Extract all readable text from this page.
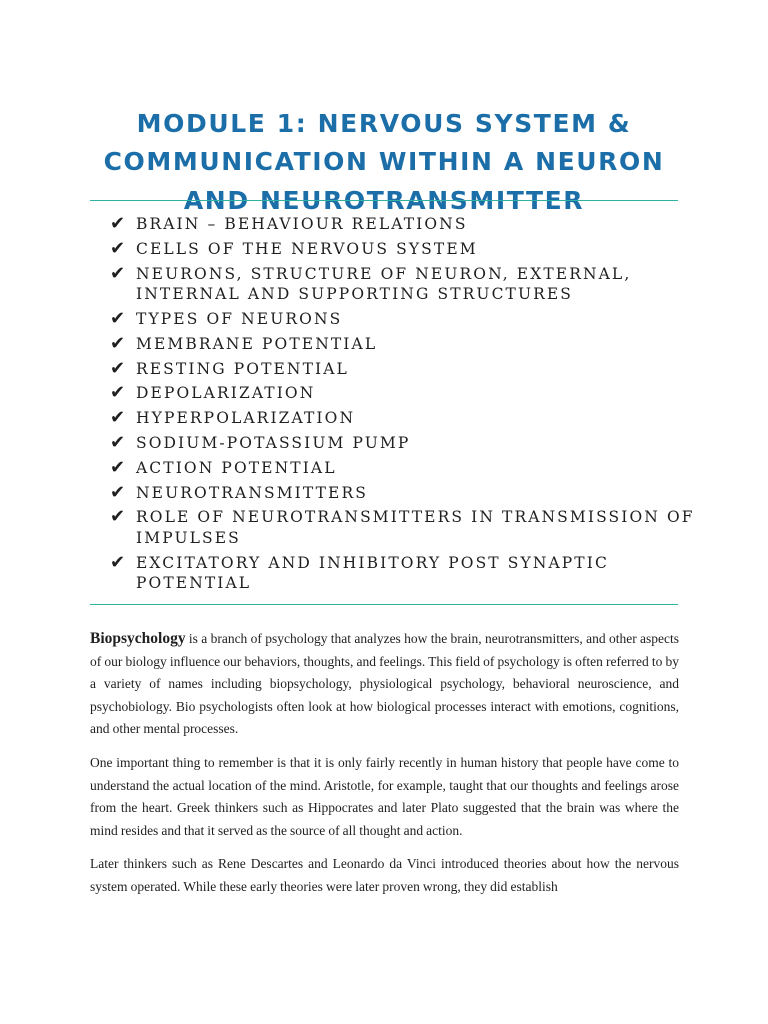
MODULE 1: NERVOUS SYSTEM &
COMMUNICATION WITHIN A NEURON
AND NEUROTRANSMITTER
✔ BRAIN – BEHAVIOUR RELATIONS
✔ CELLS OF THE NERVOUS SYSTEM
✔ NEURONS, STRUCTURE OF NEURON, EXTERNAL,
INTERNAL AND SUPPORTING STRUCTURES
✔ TYPES OF NEURONS
✔ MEMBRANE POTENTIAL
✔ RESTING POTENTIAL
✔ DEPOLARIZATION
✔ HYPERPOLARIZATION
✔ SODIUM-POTASSIUM PUMP
✔ ACTION POTENTIAL
✔ NEUROTRANSMITTERS
✔ ROLE OF NEUROTRANSMITTERS IN TRANSMISSION OF
IMPULSES
✔ EXCITATORY AND INHIBITORY POST SYNAPTIC
POTENTIAL

Biopsychology is a branch of psychology that analyzes how the brain, neurotransmitters, and other aspects of our biology influence our behaviors, thoughts, and feelings. This field of psychology is often referred to by a variety of names including biopsychology, physiological psychology, behavioral neuroscience, and psychobiology. Bio psychologists often look at how biological processes interact with emotions, cognitions, and other mental processes.

One important thing to remember is that it is only fairly recently in human history that people have come to understand the actual location of the mind. Aristotle, for example, taught that our thoughts and feelings arose from the heart. Greek thinkers such as Hippocrates and later Plato suggested that the brain was where the mind resides and that it served as the source of all thought and action.

Later thinkers such as Rene Descartes and Leonardo da Vinci introduced theories about how the nervous system operated. While these early theories were later proven wrong, they did establish
